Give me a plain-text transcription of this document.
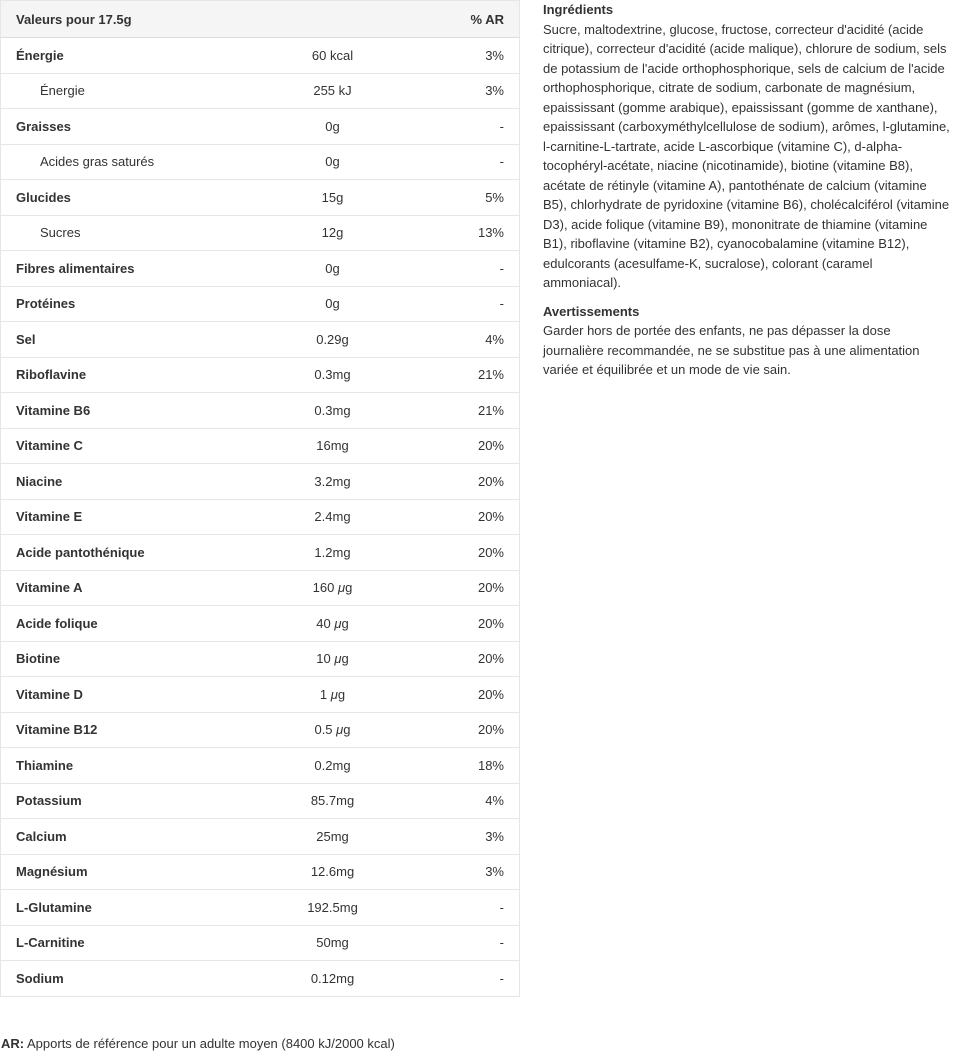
Valeurs pour 17.5g		% AR
Énergie	60 kcal	3%
Énergie	255 kJ	3%
Graisses	0g	-
Acides gras saturés	0g	-
Glucides	15g	5%
Sucres	12g	13%
Fibres alimentaires	0g	-
Protéines	0g	-
Sel	0.29g	4%
Riboflavine	0.3mg	21%
Vitamine B6	0.3mg	21%
Vitamine C	16mg	20%
Niacine	3.2mg	20%
Vitamine E	2.4mg	20%
Acide pantothénique	1.2mg	20%
Vitamine A	160 μg	20%
Acide folique	40 μg	20%
Biotine	10 μg	20%
Vitamine D	1 μg	20%
Vitamine B12	0.5 μg	20%
Thiamine	0.2mg	18%
Potassium	85.7mg	4%
Calcium	25mg	3%
Magnésium	12.6mg	3%
L-Glutamine	192.5mg	-
L-Carnitine	50mg	-
Sodium	0.12mg	-
AR: Apports de référence pour un adulte moyen (8400 kJ/2000 kcal)
Ingrédients

Sucre, maltodextrine, glucose, fructose, correcteur d'acidité (acide citrique), correcteur d'acidité (acide malique), chlorure de sodium, sels de potassium de l'acide orthophosphorique, sels de calcium de l'acide orthophosphorique, citrate de sodium, carbonate de magnésium, epaississant (gomme arabique), epaississant (gomme de xanthane), epaississant (carboxyméthylcellulose de sodium), arômes, l-glutamine, l-carnitine-L-tartrate, acide L-ascorbique (vitamine C), d-alpha-tocophéryl-acétate, niacine (nicotinamide), biotine (vitamine B8), acétate de rétinyle (vitamine A), pantothénate de calcium (vitamine B5), chlorhydrate de pyridoxine (vitamine B6), cholécalciférol (vitamine D3), acide folique (vitamine B9), mononitrate de thiamine (vitamine B1), riboflavine (vitamine B2), cyanocobalamine (vitamine B12), edulcorants (acesulfame-K, sucralose), colorant (caramel ammoniacal).

Avertissements

Garder hors de portée des enfants, ne pas dépasser la dose journalière recommandée, ne se substitue pas à une alimentation variée et équilibrée et un mode de vie sain.
